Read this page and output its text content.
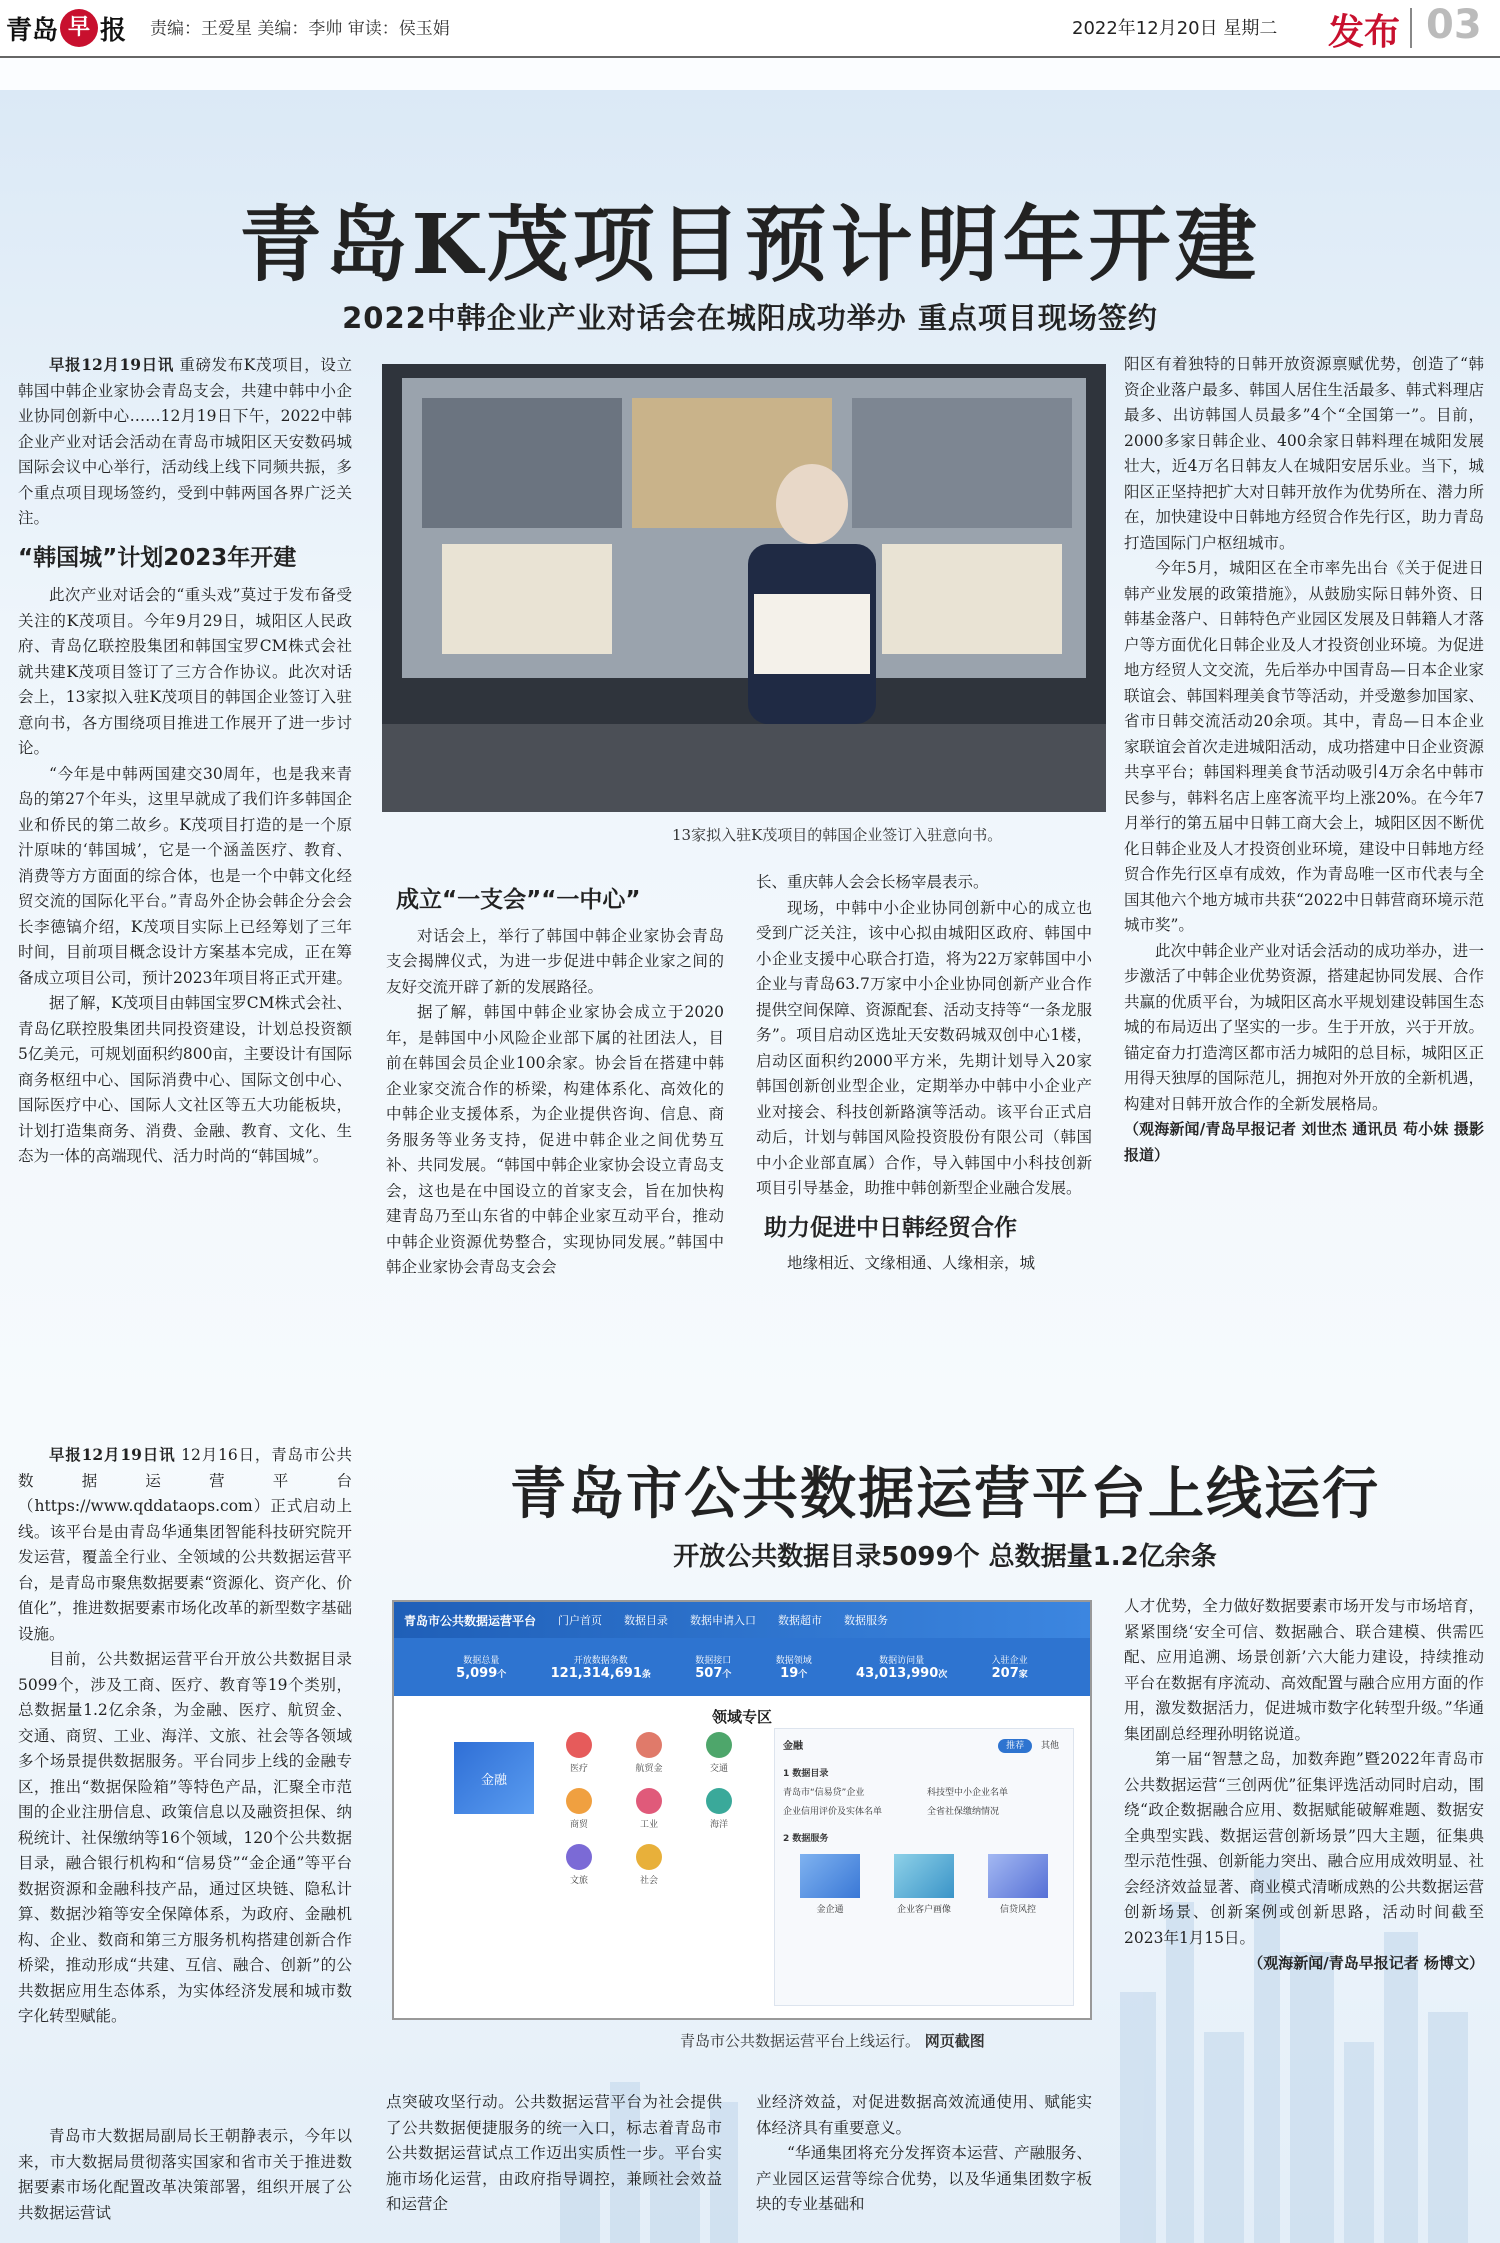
青岛 早 报 责编：王爱星 美编：李帅 审读：侯玉娟	2022年12月20日 星期二 发布 03
青岛K茂项目预计明年开建
2022中韩企业产业对话会在城阳成功举办 重点项目现场签约

早报12月19日讯 重磅发布K茂项目，设立韩国中韩企业家协会青岛支会，共建中韩中小企业协同创新中心……12月19日下午，2022中韩企业产业对话会活动在青岛市城阳区天安数码城国际会议中心举行，活动线上线下同频共振，多个重点项目现场签约，受到中韩两国各界广泛关注。

“韩国城”计划2023年开建

此次产业对话会的“重头戏”莫过于发布备受关注的K茂项目。今年9月29日，城阳区人民政府、青岛亿联控股集团和韩国宝罗CM株式会社就共建K茂项目签订了三方合作协议。此次对话会上，13家拟入驻K茂项目的韩国企业签订入驻意向书，各方围绕项目推进工作展开了进一步讨论。

“今年是中韩两国建交30周年，也是我来青岛的第27个年头，这里早就成了我们许多韩国企业和侨民的第二故乡。K茂项目打造的是一个原汁原味的‘韩国城’，它是一个涵盖医疗、教育、消费等方方面面的综合体，也是一个中韩文化经贸交流的国际化平台。”青岛外企协会韩企分会会长李德镐介绍，K茂项目实际上已经筹划了三年时间，目前项目概念设计方案基本完成，正在筹备成立项目公司，预计2023年项目将正式开建。

据了解，K茂项目由韩国宝罗CM株式会社、青岛亿联控股集团共同投资建设，计划总投资额5亿美元，可规划面积约800亩，主要设计有国际商务枢纽中心、国际消费中心、国际文创中心、国际医疗中心、国际人文社区等五大功能板块，计划打造集商务、消费、金融、教育、文化、生态为一体的高端现代、活力时尚的“韩国城”。

13家拟入驻K茂项目的韩国企业签订入驻意向书。
成立“一支会”“一中心”

对话会上，举行了韩国中韩企业家协会青岛支会揭牌仪式，为进一步促进中韩企业家之间的友好交流开辟了新的发展路径。

据了解，韩国中韩企业家协会成立于2020年，是韩国中小风险企业部下属的社团法人，目前在韩国会员企业100余家。协会旨在搭建中韩企业家交流合作的桥梁，构建体系化、高效化的中韩企业支援体系，为企业提供咨询、信息、商务服务等业务支持，促进中韩企业之间优势互补、共同发展。“韩国中韩企业家协会设立青岛支会，这也是在中国设立的首家支会，旨在加快构建青岛乃至山东省的中韩企业家互动平台，推动中韩企业资源优势整合，实现协同发展。”韩国中韩企业家协会青岛支会会

长、重庆韩人会会长杨宰晨表示。

现场，中韩中小企业协同创新中心的成立也受到广泛关注，该中心拟由城阳区政府、韩国中小企业支援中心联合打造，将为22万家韩国中小企业与青岛63.7万家中小企业协同创新产业合作提供空间保障、资源配套、活动支持等“一条龙服务”。项目启动区选址天安数码城双创中心1楼，启动区面积约2000平方米，先期计划导入20家韩国创新创业型企业，定期举办中韩中小企业产业对接会、科技创新路演等活动。该平台正式启动后，计划与韩国风险投资股份有限公司（韩国中小企业部直属）合作，导入韩国中小科技创新项目引导基金，助推中韩创新型企业融合发展。

助力促进中日韩经贸合作

地缘相近、文缘相通、人缘相亲，城

阳区有着独特的日韩开放资源禀赋优势，创造了“韩资企业落户最多、韩国人居住生活最多、韩式料理店最多、出访韩国人员最多”4个“全国第一”。目前，2000多家日韩企业、400余家日韩料理在城阳发展壮大，近4万名日韩友人在城阳安居乐业。当下，城阳区正坚持把扩大对日韩开放作为优势所在、潜力所在，加快建设中日韩地方经贸合作先行区，助力青岛打造国际门户枢纽城市。

今年5月，城阳区在全市率先出台《关于促进日韩产业发展的政策措施》，从鼓励实际日韩外资、日韩基金落户、日韩特色产业园区发展及日韩籍人才落户等方面优化日韩企业及人才投资创业环境。为促进地方经贸人文交流，先后举办中国青岛—日本企业家联谊会、韩国料理美食节等活动，并受邀参加国家、省市日韩交流活动20余项。其中，青岛—日本企业家联谊会首次走进城阳活动，成功搭建中日企业资源共享平台；韩国料理美食节活动吸引4万余名中韩市民参与，韩料名店上座客流平均上涨20%。在今年7月举行的第五届中日韩工商大会上，城阳区因不断优化日韩企业及人才投资创业环境，建设中日韩地方经贸合作先行区卓有成效，作为青岛唯一区市代表与全国其他六个地方城市共获“2022中日韩营商环境示范城市奖”。

此次中韩企业产业对话会活动的成功举办，进一步激活了中韩企业优势资源，搭建起协同发展、合作共赢的优质平台，为城阳区高水平规划建设韩国生态城的布局迈出了坚实的一步。生于开放，兴于开放。锚定奋力打造湾区都市活力城阳的总目标，城阳区正用得天独厚的国际范儿，拥抱对外开放的全新机遇，构建对日韩开放合作的全新发展格局。

（观海新闻/青岛早报记者 刘世杰 通讯员 苟小妹 摄影报道）
青岛市公共数据运营平台上线运行
开放公共数据目录5099个 总数据量1.2亿余条

早报12月19日讯 12月16日，青岛市公共数据运营平台（https://www.qddataops.com）正式启动上线。该平台是由青岛华通集团智能科技研究院开发运营，覆盖全行业、全领域的公共数据运营平台，是青岛市聚焦数据要素“资源化、资产化、价值化”，推进数据要素市场化改革的新型数字基础设施。

目前，公共数据运营平台开放公共数据目录5099个，涉及工商、医疗、教育等19个类别，总数据量1.2亿余条，为金融、医疗、航贸金、交通、商贸、工业、海洋、文旅、社会等各领域多个场景提供数据服务。平台同步上线的金融专区，推出“数据保险箱”等特色产品，汇聚全市范围的企业注册信息、政策信息以及融资担保、纳税统计、社保缴纳等16个领域，120个公共数据目录，融合银行机构和“信易贷”“金企通”等平台数据资源和金融科技产品，通过区块链、隐私计算、数据沙箱等安全保障体系，为政府、金融机构、企业、数商和第三方服务机构搭建创新合作桥梁，推动形成“共建、互信、融合、创新”的公共数据应用生态体系，为实体经济发展和城市数字化转型赋能。

青岛市大数据局副局长王朝静表示，今年以来，市大数据局贯彻落实国家和省市关于推进数据要素市场化配置改革决策部署，组织开展了公共数据运营试

青岛市公共数据运营平台 门户首页 数据目录 数据申请入口 数据超市 数据服务
数据总量
5,099个
开放数据条数
121,314,691条
数据接口
507个
数据领域
19个
数据访问量
43,013,990次
入驻企业
207家
领域专区
金融
医疗	航贸金	交通
商贸	工业	海洋
文旅	社会
金融	推荐 其他
1 数据目录
青岛市“信易贷”企业	科技型中小企业名单
企业信用评价及实体名单	全省社保缴纳情况
2 数据服务
金企通	企业客户画像	信贷风控
青岛市公共数据运营平台上线运行。 网页截图
点突破攻坚行动。公共数据运营平台为社会提供了公共数据便捷服务的统一入口，标志着青岛市公共数据运营试点工作迈出实质性一步。平台实施市场化运营，由政府指导调控，兼顾社会效益和运营企
业经济效益，对促进数据高效流通使用、赋能实体经济具有重要意义。

“华通集团将充分发挥资本运营、产融服务、产业园区运营等综合优势，以及华通集团数字板块的专业基础和

人才优势，全力做好数据要素市场开发与市场培育，紧紧围绕‘安全可信、数据融合、联合建模、供需匹配、应用追溯、场景创新’六大能力建设，持续推动平台在数据有序流动、高效配置与融合应用方面的作用，激发数据活力，促进城市数字化转型升级。”华通集团副总经理孙明铭说道。

第一届“智慧之岛，加数奔跑”暨2022年青岛市公共数据运营“三创两优”征集评选活动同时启动，围绕“政企数据融合应用、数据赋能破解难题、数据安全典型实践、数据运营创新场景”四大主题，征集典型示范性强、创新能力突出、融合应用成效明显、社会经济效益显著、商业模式清晰成熟的公共数据运营创新场景、创新案例或创新思路，活动时间截至2023年1月15日。

（观海新闻/青岛早报记者 杨博文）
